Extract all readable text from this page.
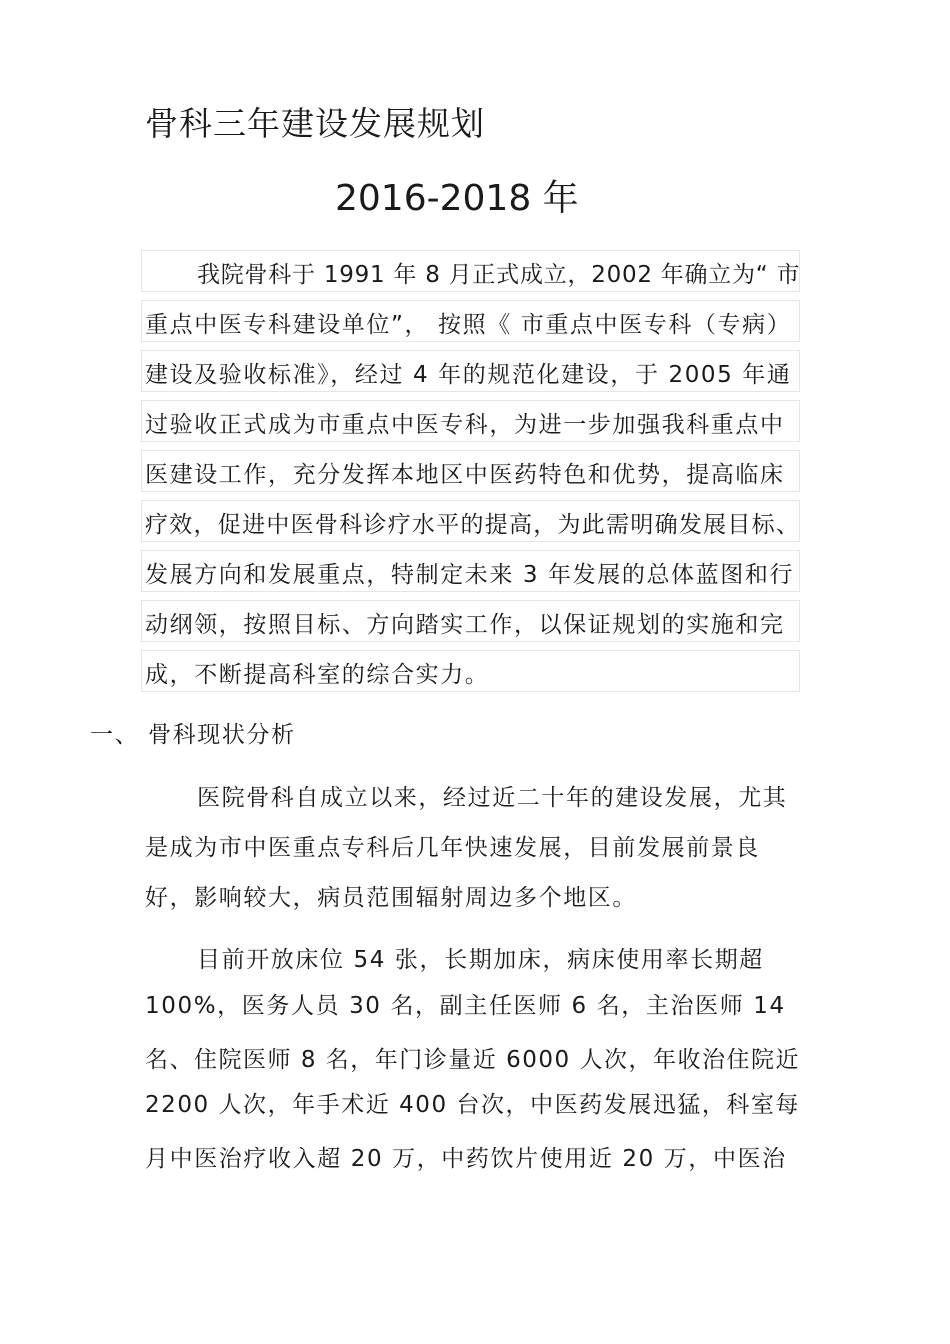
骨科三年建设发展规划
2016-2018 年
我院骨科于 1991 年 8 月正式成立，2002 年确立为“ 市
重点中医专科建设单位”， 按照《 市重点中医专科（专病）
建设及验收标准》，经过 4 年的规范化建设，于 2005 年通
过验收正式成为市重点中医专科，为进一步加强我科重点中
医建设工作，充分发挥本地区中医药特色和优势，提高临床
疗效，促进中医骨科诊疗水平的提高，为此需明确发展目标、
发展方向和发展重点，特制定未来 3 年发展的总体蓝图和行
动纲领，按照目标、方向踏实工作，以保证规划的实施和完
成，不断提高科室的综合实力。
一、 骨科现状分析
医院骨科自成立以来，经过近二十年的建设发展，尤其
是成为市中医重点专科后几年快速发展，目前发展前景良
好，影响较大，病员范围辐射周边多个地区。
目前开放床位 54 张，长期加床，病床使用率长期超
100%，医务人员 30 名，副主任医师 6 名，主治医师 14
名、住院医师 8 名，年门诊量近 6000 人次，年收治住院近
2200 人次，年手术近 400 台次，中医药发展迅猛，科室每
月中医治疗收入超 20 万，中药饮片使用近 20 万，中医治
